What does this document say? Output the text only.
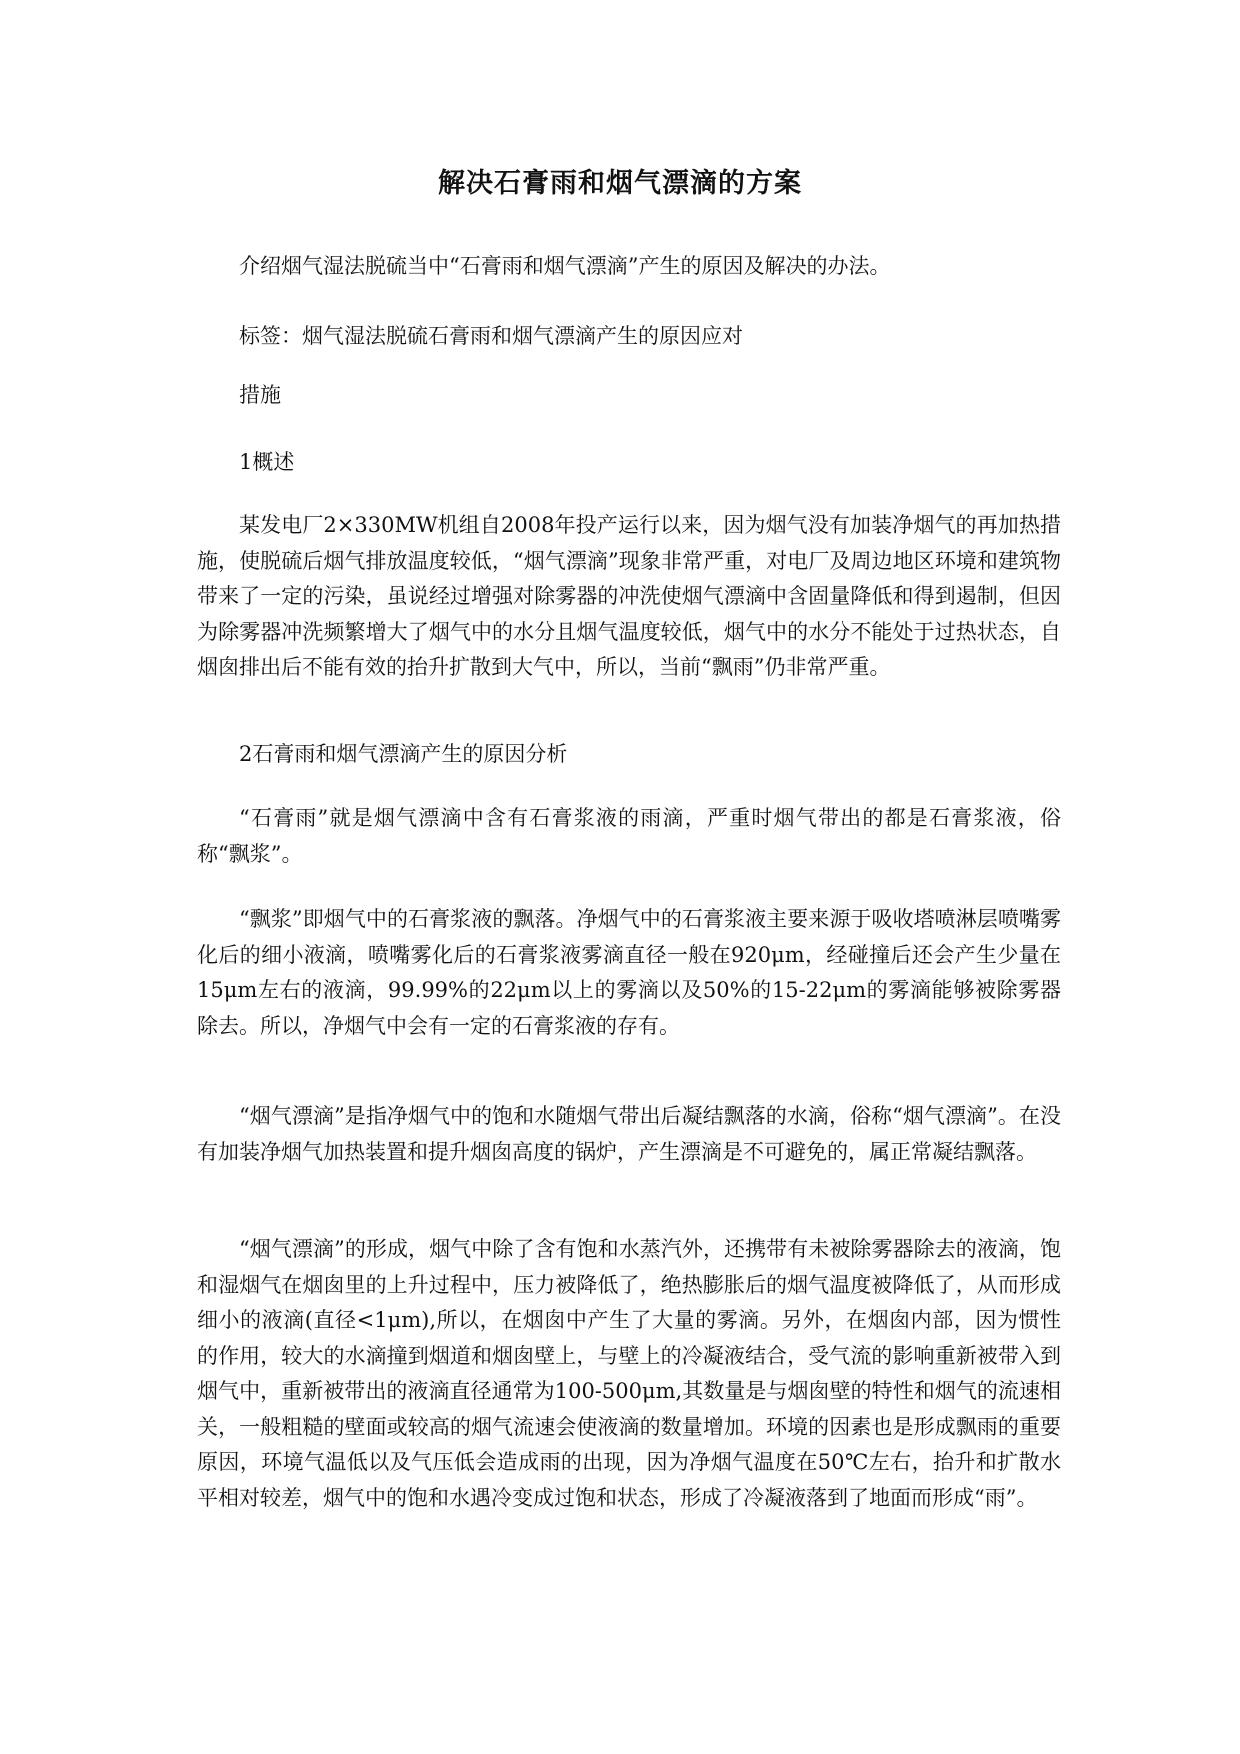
解决石膏雨和烟气漂滴的方案

介绍烟气湿法脱硫当中“石膏雨和烟气漂滴”产生的原因及解决的办法。

标签：烟气湿法脱硫石膏雨和烟气漂滴产生的原因应对

措施

1概述

某发电厂2×330MW机组自2008年投产运行以来，因为烟气没有加装净烟气的再加热措施，使脱硫后烟气排放温度较低，“烟气漂滴”现象非常严重，对电厂及周边地区环境和建筑物带来了一定的污染，虽说经过增强对除雾器的冲洗使烟气漂滴中含固量降低和得到遏制，但因为除雾器冲洗频繁增大了烟气中的水分且烟气温度较低，烟气中的水分不能处于过热状态，自烟囱排出后不能有效的抬升扩散到大气中，所以，当前“飘雨”仍非常严重。

2石膏雨和烟气漂滴产生的原因分析

“石膏雨”就是烟气漂滴中含有石膏浆液的雨滴，严重时烟气带出的都是石膏浆液，俗称“飘浆”。

“飘浆”即烟气中的石膏浆液的飘落。净烟气中的石膏浆液主要来源于吸收塔喷淋层喷嘴雾化后的细小液滴，喷嘴雾化后的石膏浆液雾滴直径一般在920μm，经碰撞后还会产生少量在15μm左右的液滴，99.99%的22μm以上的雾滴以及50%的15-22μm的雾滴能够被除雾器除去。所以，净烟气中会有一定的石膏浆液的存有。

“烟气漂滴”是指净烟气中的饱和水随烟气带出后凝结飘落的水滴，俗称“烟气漂滴”。在没有加装净烟气加热装置和提升烟囱高度的锅炉，产生漂滴是不可避免的，属正常凝结飘落。

“烟气漂滴”的形成，烟气中除了含有饱和水蒸汽外，还携带有未被除雾器除去的液滴，饱和湿烟气在烟囱里的上升过程中，压力被降低了，绝热膨胀后的烟气温度被降低了，从而形成细小的液滴(直径<1μm),所以，在烟囱中产生了大量的雾滴。另外，在烟囱内部，因为惯性的作用，较大的水滴撞到烟道和烟囱壁上，与壁上的冷凝液结合，受气流的影响重新被带入到烟气中，重新被带出的液滴直径通常为100-500μm,其数量是与烟囱壁的特性和烟气的流速相关，一般粗糙的壁面或较高的烟气流速会使液滴的数量增加。环境的因素也是形成飘雨的重要原因，环境气温低以及气压低会造成雨的出现，因为净烟气温度在50℃左右，抬升和扩散水平相对较差，烟气中的饱和水遇冷变成过饱和状态，形成了冷凝液落到了地面而形成“雨”。
